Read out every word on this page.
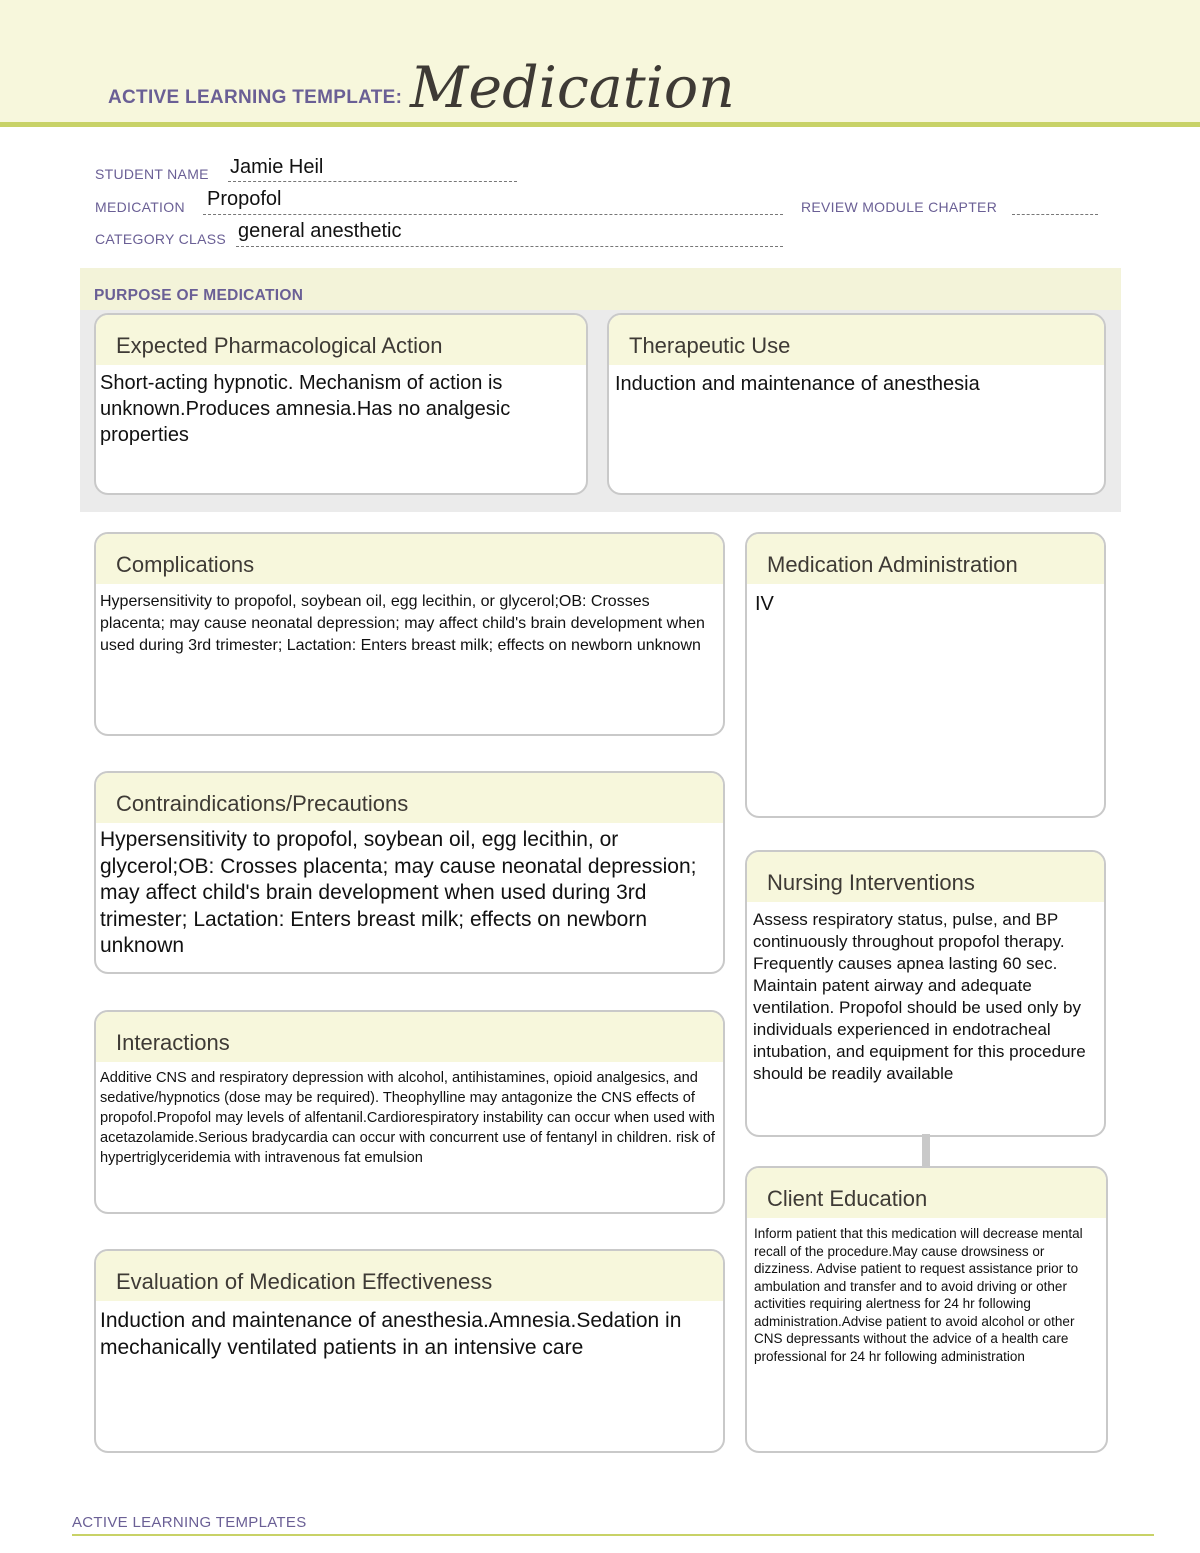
ACTIVE LEARNING TEMPLATE: Medication
STUDENT NAME Jamie Heil
MEDICATION Propofol	REVIEW MODULE CHAPTER
CATEGORY CLASS general anesthetic
PURPOSE OF MEDICATION
Expected Pharmacological Action
Short-acting hypnotic. Mechanism of action is unknown.Produces amnesia.Has no analgesic properties
Therapeutic Use
Induction and maintenance of anesthesia
Complications
Hypersensitivity to propofol, soybean oil, egg lecithin, or glycerol;OB: Crosses placenta; may cause neonatal depression; may affect child's brain development when used during 3rd trimester; Lactation: Enters breast milk; effects on newborn unknown
Medication Administration
IV
Contraindications/Precautions
Hypersensitivity to propofol, soybean oil, egg lecithin, or glycerol;OB: Crosses placenta; may cause neonatal depression; may affect child's brain development when used during 3rd trimester; Lactation: Enters breast milk; effects on newborn unknown
Nursing Interventions
Assess respiratory status, pulse, and BP continuously throughout propofol therapy. Frequently causes apnea lasting 60 sec. Maintain patent airway and adequate ventilation. Propofol should be used only by individuals experienced in endotracheal intubation, and equipment for this procedure should be readily available
Interactions
Additive CNS and respiratory depression with alcohol, antihistamines, opioid analgesics, and sedative/hypnotics (dose may be required). Theophylline may antagonize the CNS effects of propofol.Propofol may levels of alfentanil.Cardiorespiratory instability can occur when used with acetazolamide.Serious bradycardia can occur with concurrent use of fentanyl in children. risk of hypertriglyceridemia with intravenous fat emulsion
Client Education
Inform patient that this medication will decrease mental recall of the procedure.May cause drowsiness or dizziness. Advise patient to request assistance prior to ambulation and transfer and to avoid driving or other activities requiring alertness for 24 hr following administration.Advise patient to avoid alcohol or other CNS depressants without the advice of a health care professional for 24 hr following administration
Evaluation of Medication Effectiveness
Induction and maintenance of anesthesia.Amnesia.Sedation in mechanically ventilated patients in an intensive care
ACTIVE LEARNING TEMPLATES
